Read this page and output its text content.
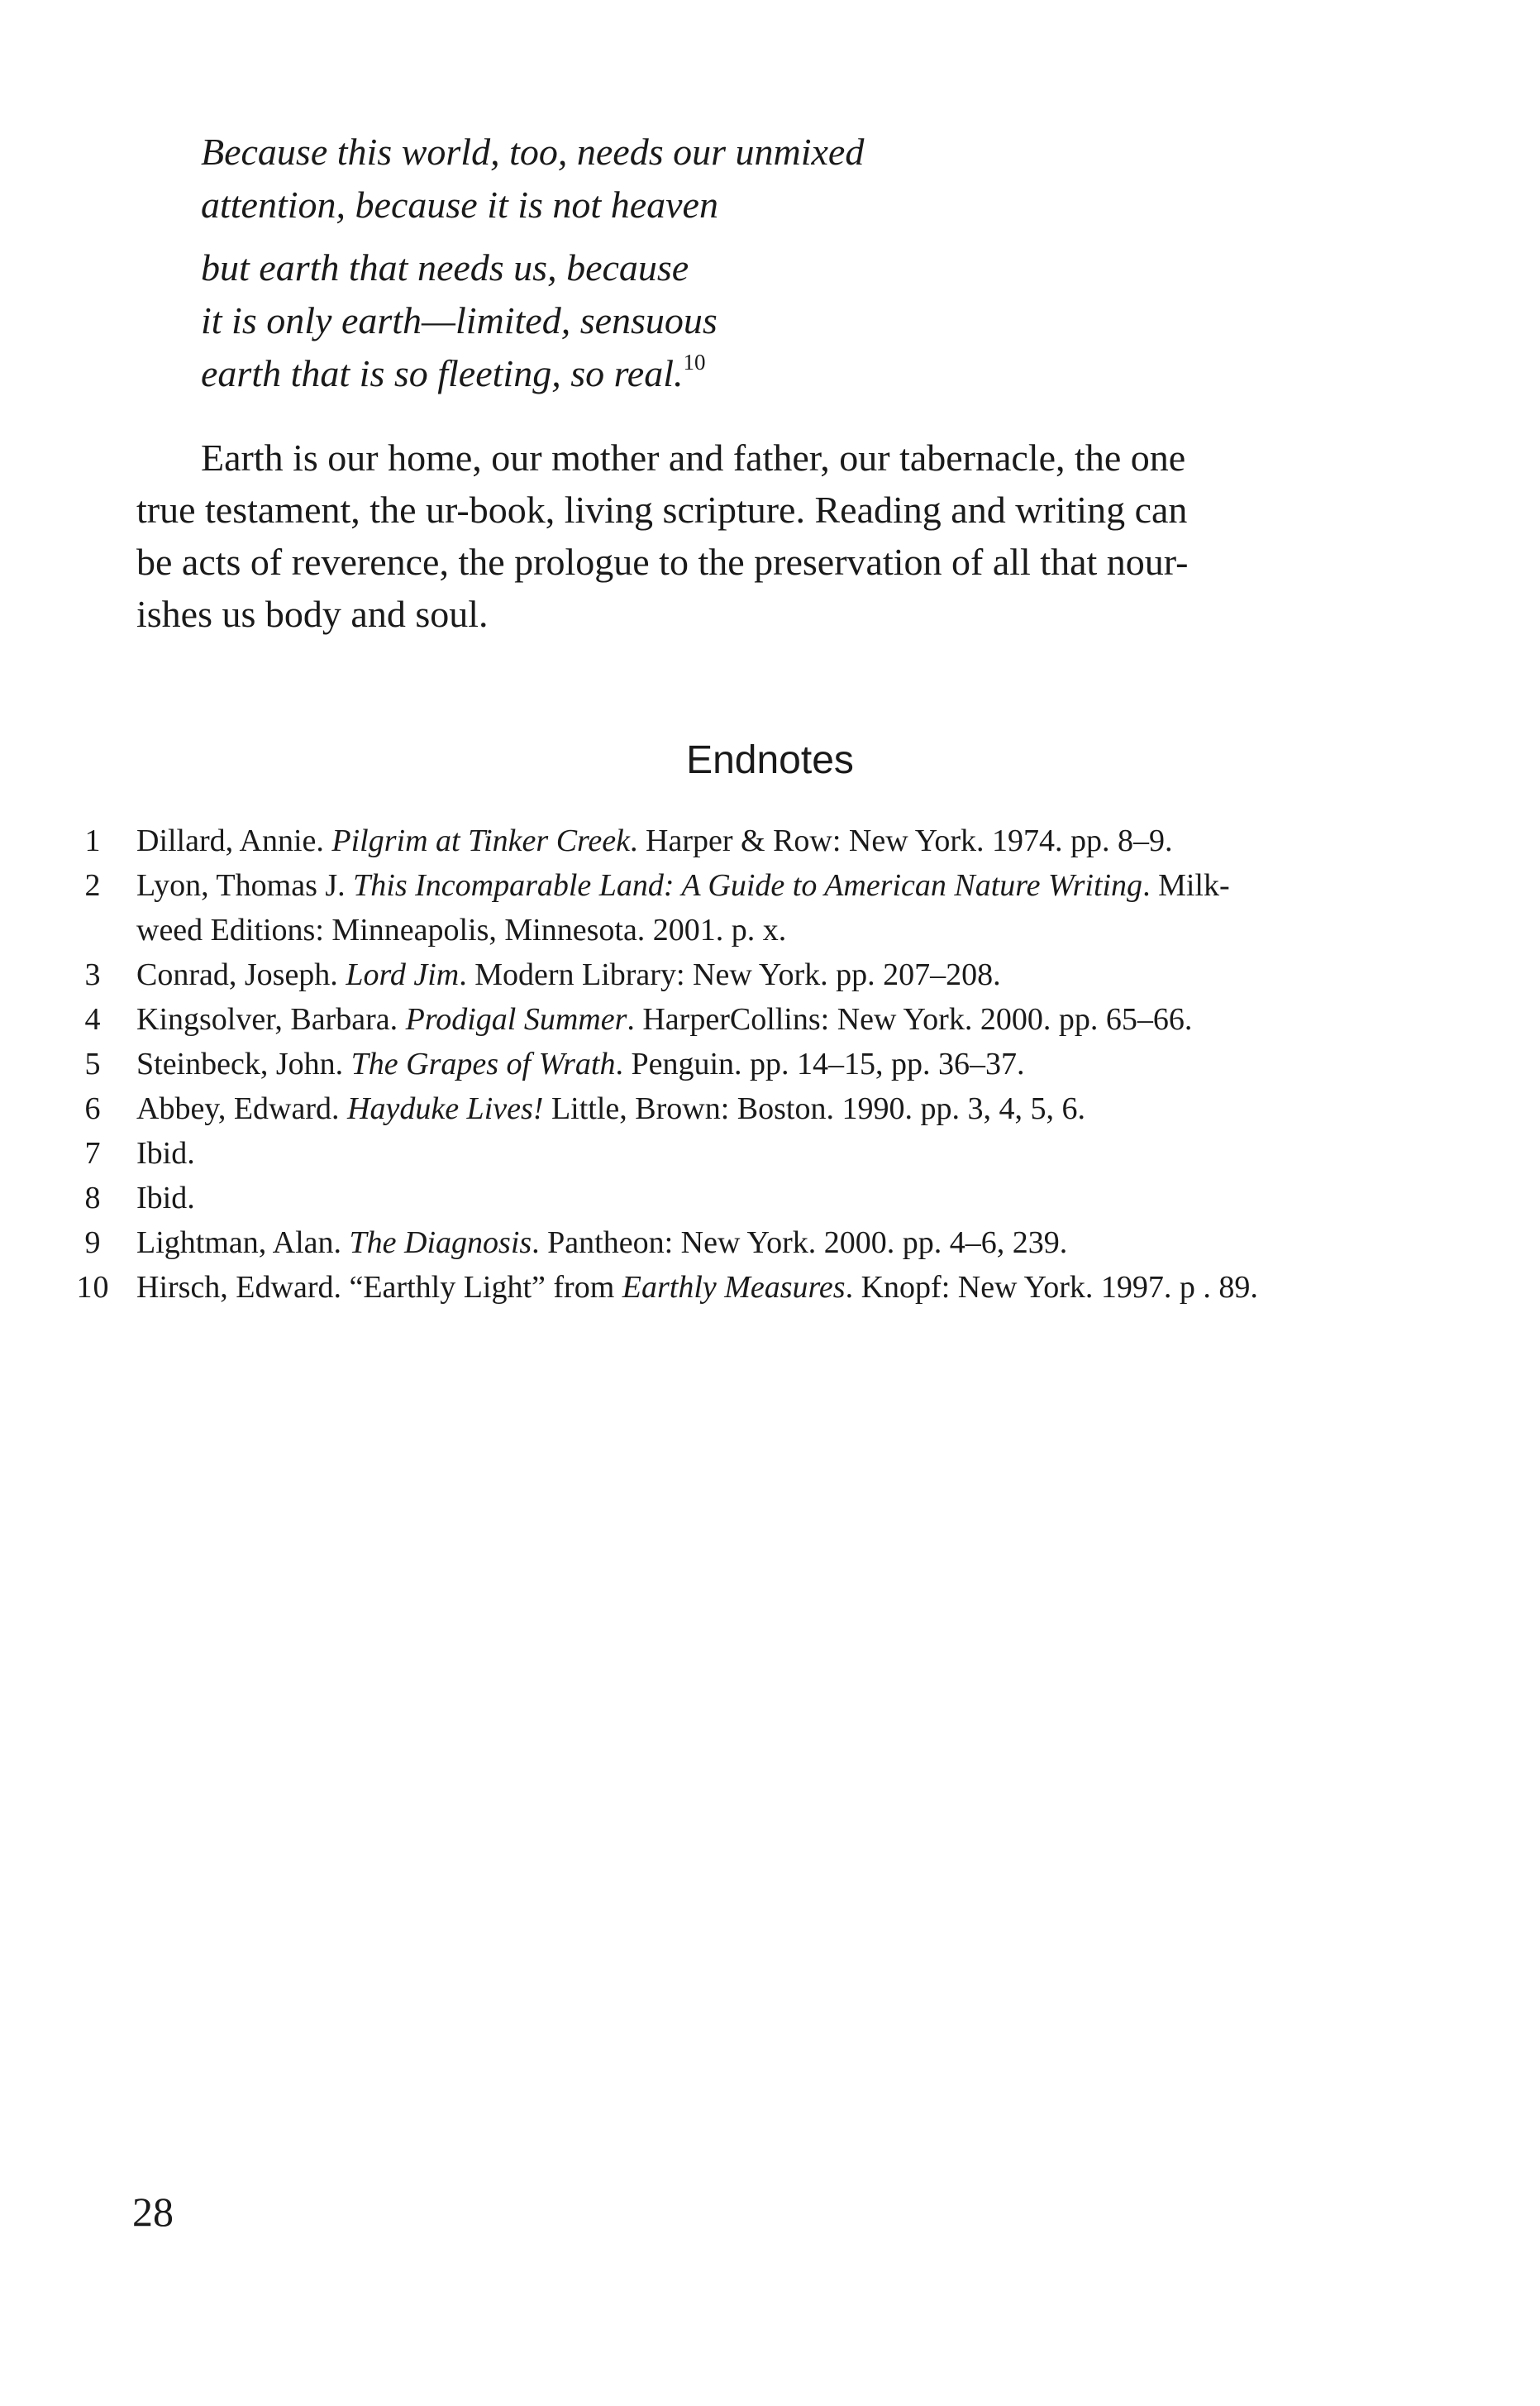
Because this world, too, needs our unmixed
attention, because it is not heaven
but earth that needs us, because
it is only earth—limited, sensuous
earth that is so fleeting, so real.$^{10}$
Earth is our home, our mother and father, our tabernacle, the one
true testament, the ur-book, living scripture. Reading and writing can
be acts of reverence, the prologue to the preservation of all that nour-
ishes us body and soul.
Endnotes
1	Dillard, Annie. Pilgrim at Tinker Creek. Harper & Row: New York. 1974. pp. 8–9.
2	Lyon, Thomas J. This Incomparable Land: A Guide to American Nature Writing. Milk-
weed Editions: Minneapolis, Minnesota. 2001. p. x.
3	Conrad, Joseph. Lord Jim. Modern Library: New York. pp. 207–208.
4	Kingsolver, Barbara. Prodigal Summer. HarperCollins: New York. 2000. pp. 65–66.
5	Steinbeck, John. The Grapes of Wrath. Penguin. pp. 14–15, pp. 36–37.
6	Abbey, Edward. Hayduke Lives! Little, Brown: Boston. 1990. pp. 3, 4, 5, 6.
7	Ibid.
8	Ibid.
9	Lightman, Alan. The Diagnosis. Pantheon: New York. 2000. pp. 4–6, 239.
10 Hirsch, Edward. “Earthly Light” from Earthly Measures. Knopf: New York. 1997. p . 89.
28
